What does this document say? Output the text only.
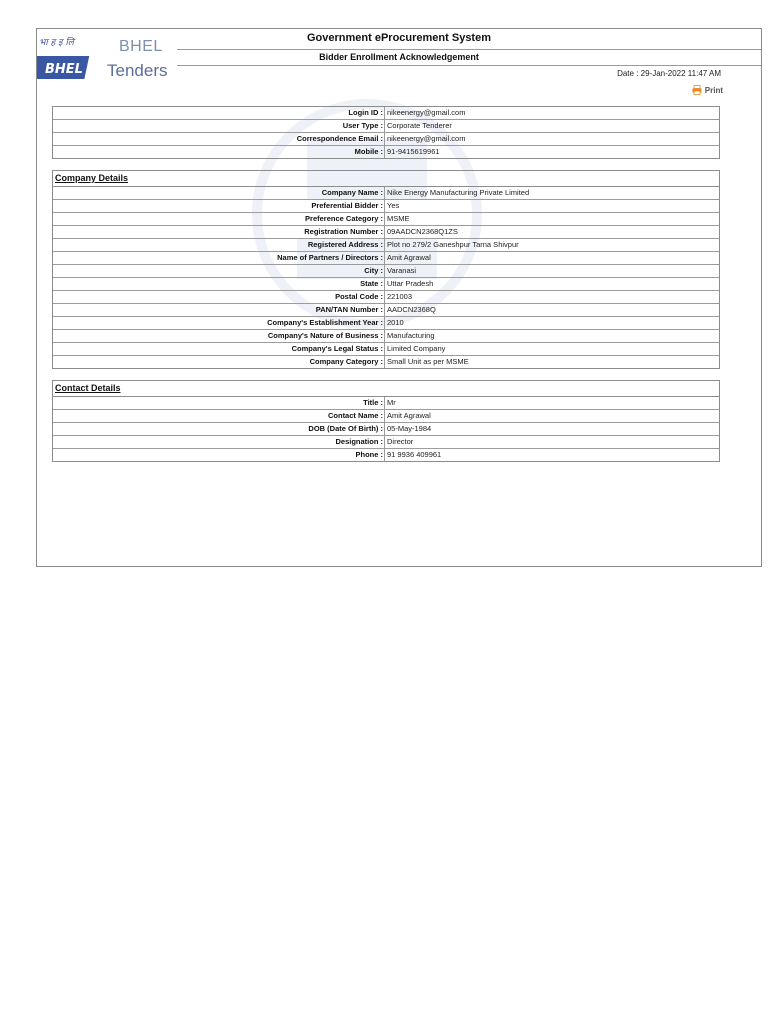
BHEL
भा ह इ लि	BHEL
Tenders
Government eProcurement System
Bidder Enrollment Acknowledgement
Date : 29-Jan-2022 11:47 AM
Print
Login ID :	nikeenergy@gmail.com
User Type :	Corporate Tenderer
Correspondence Email :	nikeenergy@gmail.com
Mobile :	91-9415619961
Company Details
Company Name :	Nike Energy Manufacturing Private Limited
Preferential Bidder :	Yes
Preference Category :	MSME
Registration Number :	09AADCN2368Q1ZS
Registered Address :	Plot no 279/2 Ganeshpur Tarna Shivpur
Name of Partners / Directors :	Amit Agrawal
City :	Varanasi
State :	Uttar Pradesh
Postal Code :	221003
PAN/TAN Number :	AADCN2368Q
Company's Establishment Year :	2010
Company's Nature of Business :	Manufacturing
Company's Legal Status :	Limited Company
Company Category :	Small Unit as per MSME
Contact Details
Title :	Mr
Contact Name :	Amit Agrawal
DOB (Date Of Birth) :	05-May-1984
Designation :	Director
Phone :	91 9936 409961
